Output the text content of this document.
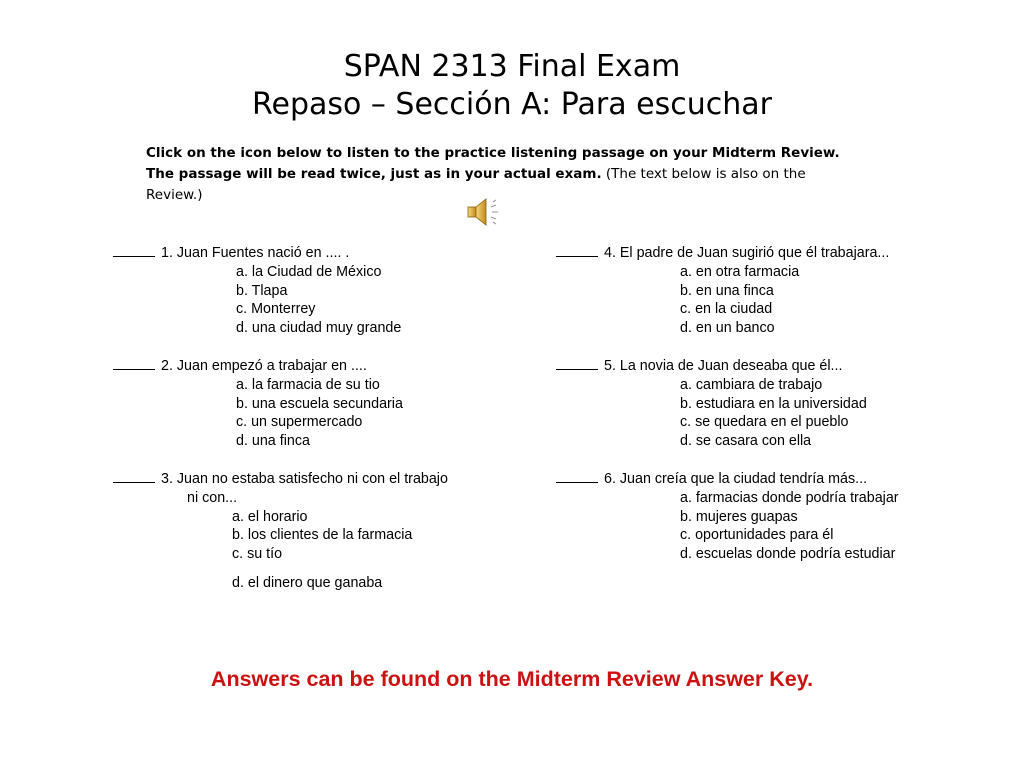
SPAN 2313 Final Exam
Repaso – Sección A: Para escuchar
Click on the icon below to listen to the practice listening passage on your Midterm Review. The passage will be read twice, just as in your actual exam. (The text below is also on the Review.)
1. Juan Fuentes nació en .... .
a. la Ciudad de México
b. Tlapa
c. Monterrey
d. una ciudad muy grande
2. Juan empezó a trabajar en ....
a. la farmacia de su tio
b. una escuela secundaria
c. un supermercado
d. una finca
3. Juan no estaba satisfecho ni con el trabajo
ni con...
a. el horario
b. los clientes de la farmacia
c. su tío
d. el dinero que ganaba
4. El padre de Juan sugirió que él trabajara...
a. en otra farmacia
b. en una finca
c. en la ciudad
d. en un banco
5. La novia de Juan deseaba que él...
a. cambiara de trabajo
b. estudiara en la universidad
c. se quedara en el pueblo
d. se casara con ella
6. Juan creía que la ciudad tendría más...
a. farmacias donde podría trabajar
b. mujeres guapas
c. oportunidades para él
d. escuelas donde podría estudiar
Answers can be found on the Midterm Review Answer Key.
